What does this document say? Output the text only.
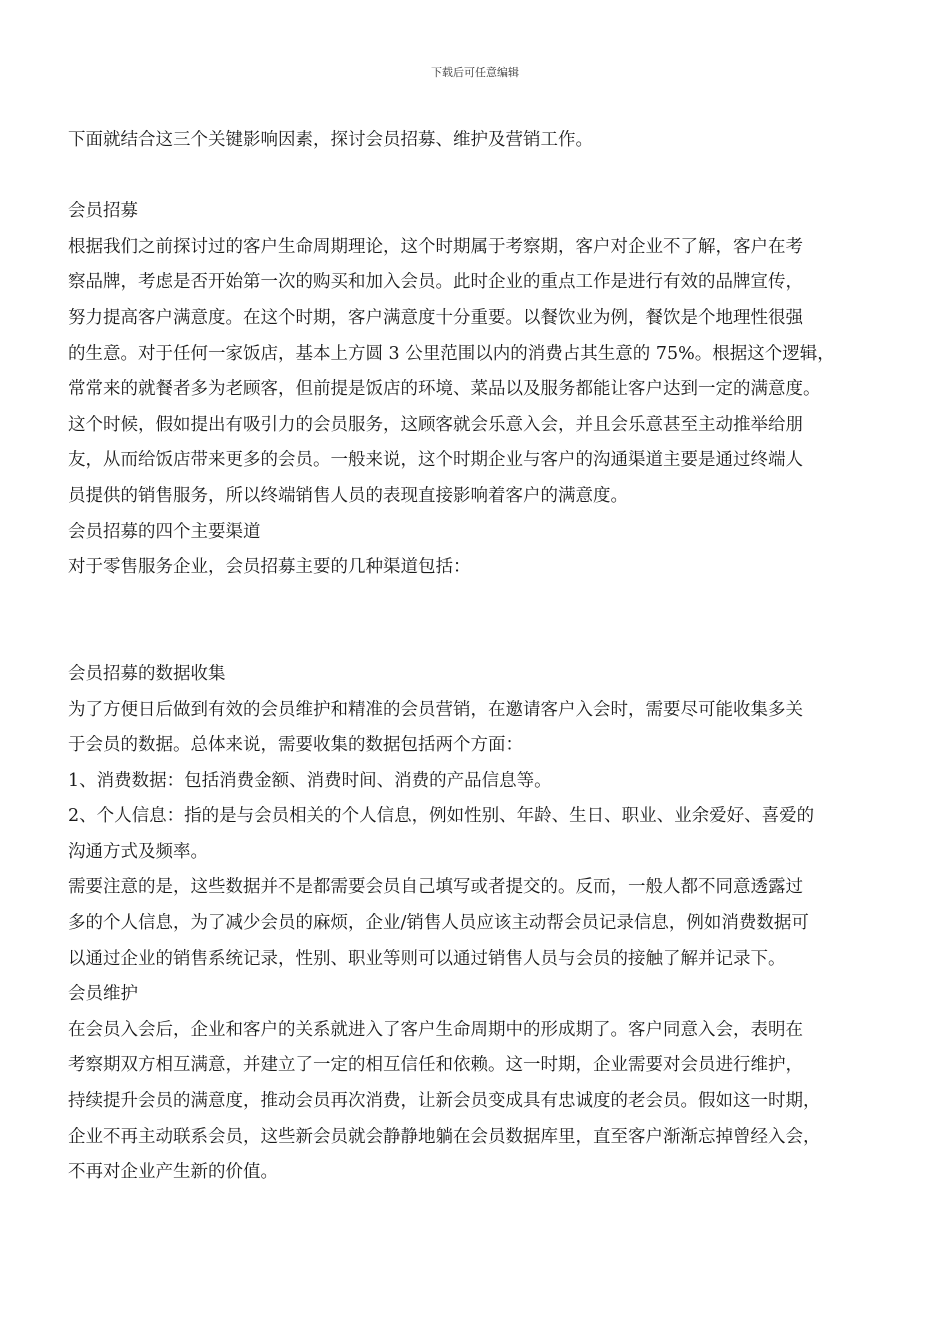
下载后可任意编辑
下面就结合这三个关键影响因素，探讨会员招募、维护及营销工作。
会员招募
根据我们之前探讨过的客户生命周期理论，这个时期属于考察期，客户对企业不了解，客户在考
察品牌，考虑是否开始第一次的购买和加入会员。此时企业的重点工作是进行有效的品牌宣传，
努力提高客户满意度。在这个时期，客户满意度十分重要。以餐饮业为例，餐饮是个地理性很强
的生意。对于任何一家饭店，基本上方圆 3 公里范围以内的消费占其生意的 75%。根据这个逻辑，
常常来的就餐者多为老顾客，但前提是饭店的环境、菜品以及服务都能让客户达到一定的满意度。
这个时候，假如提出有吸引力的会员服务，这顾客就会乐意入会，并且会乐意甚至主动推举给朋
友，从而给饭店带来更多的会员。一般来说，这个时期企业与客户的沟通渠道主要是通过终端人
员提供的销售服务，所以终端销售人员的表现直接影响着客户的满意度。
会员招募的四个主要渠道
对于零售服务企业，会员招募主要的几种渠道包括：
会员招募的数据收集
为了方便日后做到有效的会员维护和精准的会员营销，在邀请客户入会时，需要尽可能收集多关
于会员的数据。总体来说，需要收集的数据包括两个方面：
1、消费数据：包括消费金额、消费时间、消费的产品信息等。
2、个人信息：指的是与会员相关的个人信息，例如性别、年龄、生日、职业、业余爱好、喜爱的
沟通方式及频率。
需要注意的是，这些数据并不是都需要会员自己填写或者提交的。反而，一般人都不同意透露过
多的个人信息，为了减少会员的麻烦，企业/销售人员应该主动帮会员记录信息，例如消费数据可
以通过企业的销售系统记录，性别、职业等则可以通过销售人员与会员的接触了解并记录下。
会员维护
在会员入会后，企业和客户的关系就进入了客户生命周期中的形成期了。客户同意入会，表明在
考察期双方相互满意，并建立了一定的相互信任和依赖。这一时期，企业需要对会员进行维护，
持续提升会员的满意度，推动会员再次消费，让新会员变成具有忠诚度的老会员。假如这一时期，
企业不再主动联系会员，这些新会员就会静静地躺在会员数据库里，直至客户渐渐忘掉曾经入会，
不再对企业产生新的价值。
